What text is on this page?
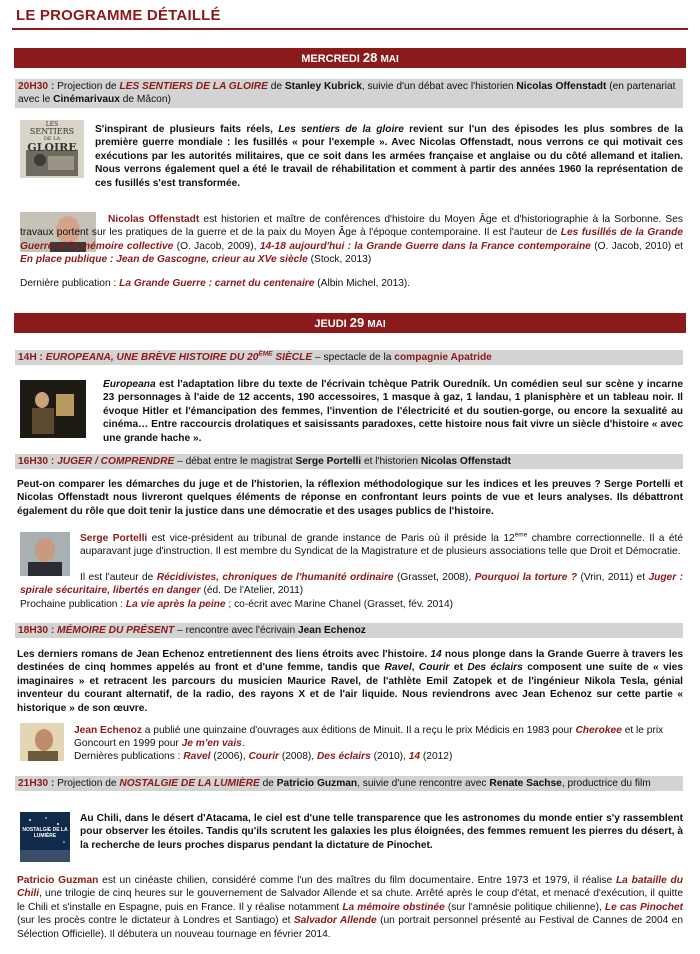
LE PROGRAMME DÉTAILLÉ
MERCREDI 28 MAI
20H30 : Projection de LES SENTIERS DE LA GLOIRE de Stanley Kubrick, suivie d'un débat avec l'historien Nicolas Offenstadt (en partenariat avec le Cinémarivaux de Mâcon)
LES
SENTIERS
DE LA
GLOIRE
S'inspirant de plusieurs faits réels, Les sentiers de la gloire revient sur l'un des épisodes les plus sombres de la première guerre mondiale : les fusillés « pour l'exemple ». Avec Nicolas Offenstadt, nous verrons ce qui motivait ces exécutions par les autorités militaires, que ce soit dans les armées française et anglaise ou du côté allemand et italien. Nous verrons également quel a été le travail de réhabilitation et comment à partir des années 1960 la représentation de ces fusillés s'est transformée.
Nicolas Offenstadt est historien et maître de conférences d'histoire du Moyen Âge et d'historiographie à la Sorbonne. Ses travaux portent sur les pratiques de la guerre et de la paix du Moyen Âge à l'époque contemporaine. Il est l'auteur de Les fusillés de la Grande Guerre et la mémoire collective (O. Jacob, 2009), 14-18 aujourd'hui : la Grande Guerre dans la France contemporaine (O. Jacob, 2010) et En place publique : Jean de Gascogne, crieur au XVe siècle (Stock, 2013)
Dernière publication : La Grande Guerre : carnet du centenaire (Albin Michel, 2013).
JEUDI 29 MAI
14H : EUROPEANA, UNE BRÈVE HISTOIRE DU 20ÈME SIÈCLE – spectacle de la compagnie Apatride
Europeana est l'adaptation libre du texte de l'écrivain tchèque Patrik Ouredník. Un comédien seul sur scène y incarne 23 personnages à l'aide de 12 accents, 190 accessoires, 1 masque à gaz, 1 landau, 1 planisphère et un tableau noir. Il évoque Hitler et l'émancipation des femmes, l'invention de l'électricité et du soutien-gorge, ou encore la sexualité au cinéma… Entre raccourcis drolatiques et saisissants paradoxes, cette histoire nous fait vivre un siècle d'histoire « avec une grande hache ».
16H30 : JUGER / COMPRENDRE – débat entre le magistrat Serge Portelli et l'historien Nicolas Offenstadt
Peut-on comparer les démarches du juge et de l'historien, la réflexion méthodologique sur les indices et les preuves ? Serge Portelli et Nicolas Offenstadt nous livreront quelques éléments de réponse en confrontant leurs points de vue et leurs analyses. Ils débattront également du rôle que doit tenir la justice dans une démocratie et des usages publics de l'histoire.
Serge Portelli est vice-président au tribunal de grande instance de Paris où il préside la 12ème chambre correctionnelle. Il a été auparavant juge d'instruction. Il est membre du Syndicat de la Magistrature et de plusieurs associations telle que Droit et Démocratie.
Il est l'auteur de Récidivistes, chroniques de l'humanité ordinaire (Grasset, 2008), Pourquoi la torture ? (Vrin, 2011) et Juger : spirale sécuritaire, libertés en danger (éd. De l'Atelier, 2011)
Prochaine publication : La vie après la peine ; co-écrit avec Marine Chanel (Grasset, fév. 2014)
18H30 : MÉMOIRE DU PRÉSENT – rencontre avec l'écrivain Jean Echenoz
Les derniers romans de Jean Echenoz entretiennent des liens étroits avec l'histoire. 14 nous plonge dans la Grande Guerre à travers les destinées de cinq hommes appelés au front et d'une femme, tandis que Ravel, Courir et Des éclairs composent une suite de « vies imaginaires » et retracent les parcours du musicien Maurice Ravel, de l'athlète Emil Zatopek et de l'ingénieur Nikola Tesla, génial inventeur du courant alternatif, de la radio, des rayons X et de l'air liquide. Nous reviendrons avec Jean Echenoz sur cette partie « historique » de son œuvre.
Jean Echenoz a publié une quinzaine d'ouvrages aux éditions de Minuit. Il a reçu le prix Médicis en 1983 pour Cherokee et le prix Goncourt en 1999 pour Je m'en vais.
Dernières publications : Ravel (2006), Courir (2008), Des éclairs (2010), 14 (2012)
21H30 : Projection de NOSTALGIE DE LA LUMIÈRE de Patricio Guzman, suivie d'une rencontre avec Renate Sachse, productrice du film
NOSTALGIE DE LA LUMIÈRE
Au Chili, dans le désert d'Atacama, le ciel est d'une telle transparence que les astronomes du monde entier s'y rassemblent pour observer les étoiles. Tandis qu'ils scrutent les galaxies les plus éloignées, des femmes remuent les pierres du désert, à la recherche de leurs proches disparus pendant la dictature de Pinochet.
Patricio Guzman est un cinéaste chilien, considéré comme l'un des maîtres du film documentaire. Entre 1973 et 1979, il réalise La bataille du Chili, une trilogie de cinq heures sur le gouvernement de Salvador Allende et sa chute. Arrêté après le coup d'état, et menacé d'exécution, il quitte le Chili et s'installe en Espagne, puis en France. Il y réalise notamment La mémoire obstinée (sur l'amnésie politique chilienne), Le cas Pinochet (sur les procès contre le dictateur à Londres et Santiago) et Salvador Allende (un portrait personnel présenté au Festival de Cannes de 2004 en Sélection Officielle). Il débutera un nouveau tournage en février 2014.
